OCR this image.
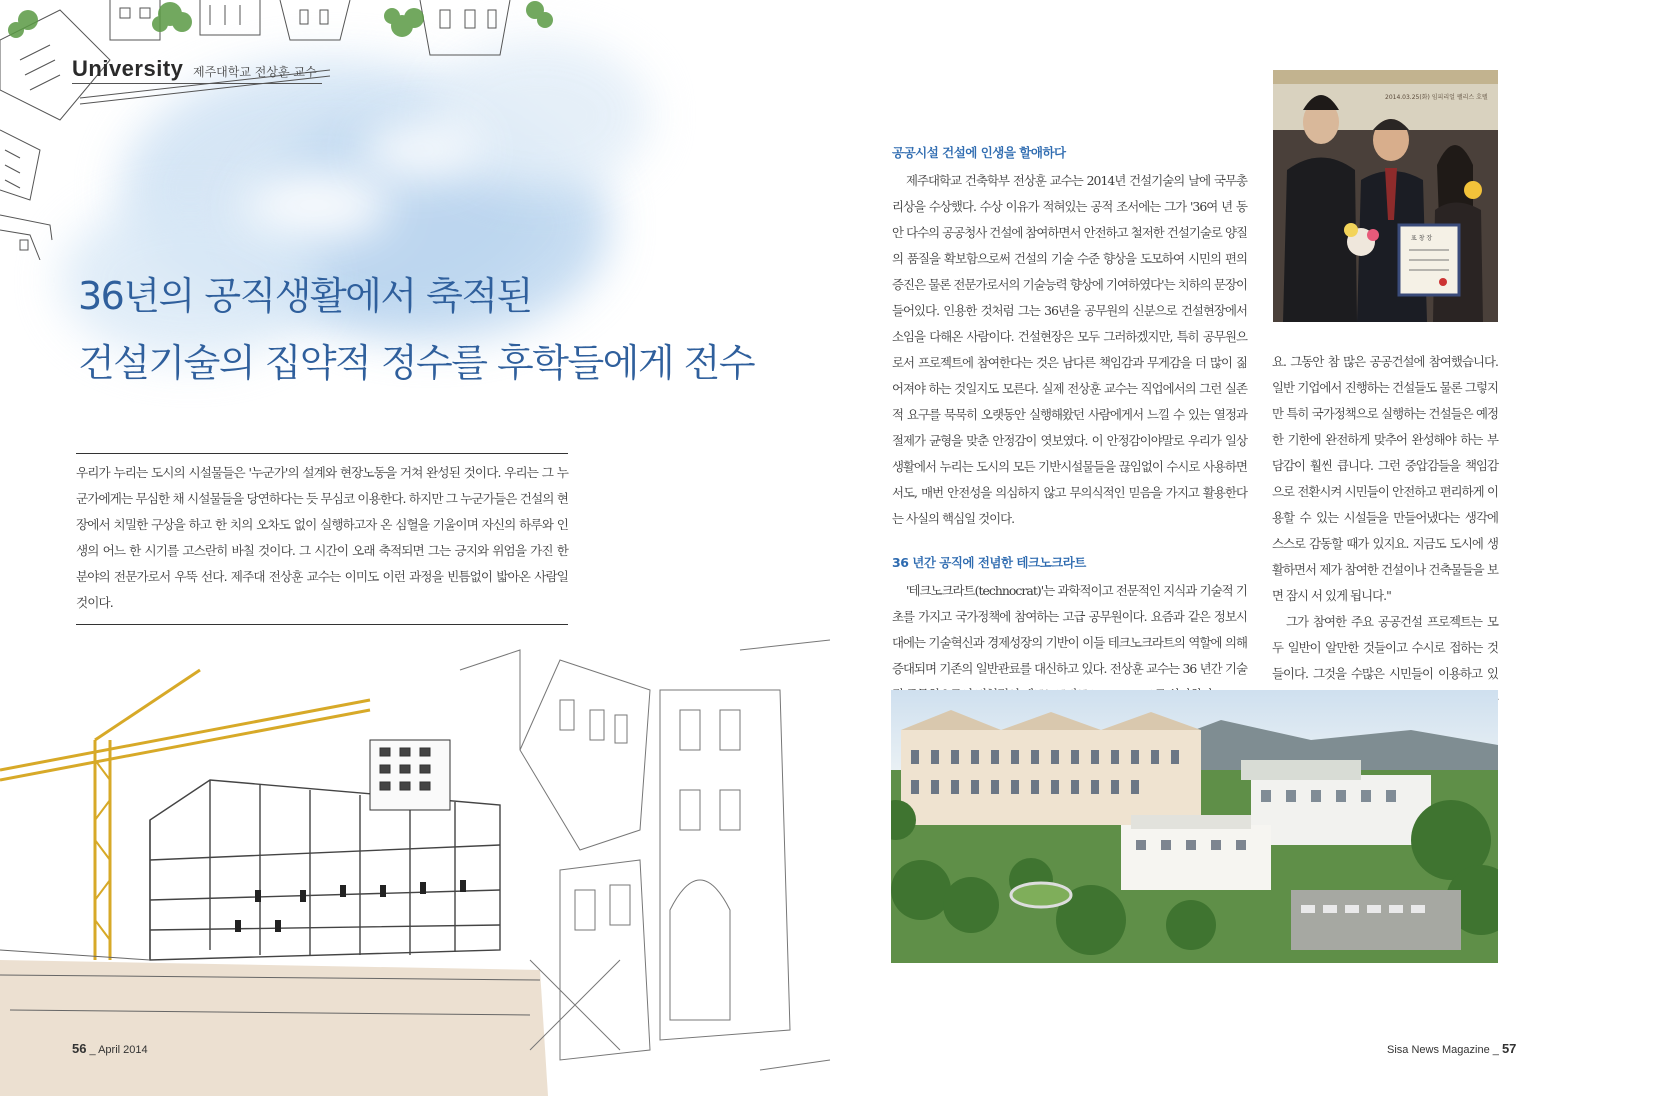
University 제주대학교 전상훈 교수
36년의 공직생활에서 축적된
건설기술의 집약적 정수를 후학들에게 전수

우리가 누리는 도시의 시설물들은 '누군가'의 설계와 현장노동을 거쳐 완성된 것이다. 우리는 그 누군가에게는 무심한 채 시설물들을 당연하다는 듯 무심코 이용한다. 하지만 그 누군가들은 건설의 현장에서 치밀한 구상을 하고 한 치의 오차도 없이 실행하고자 온 심혈을 기울이며 자신의 하루와 인생의 어느 한 시기를 고스란히 바칠 것이다. 그 시간이 오래 축적되면 그는 긍지와 위엄을 가진 한 분야의 전문가로서 우뚝 선다. 제주대 전상훈 교수는 이미도 이런 과정을 빈틈없이 밟아온 사람일 것이다.

56 _ April 2014
2014.03.25(화) 임피리얼 팰리스 호텔
표 창 장

공공시설 건설에 인생을 할애하다

제주대학교 건축학부 전상훈 교수는 2014년 건설기술의 날에 국무총리상을 수상했다. 수상 이유가 적혀있는 공적 조서에는 그가 '36여 년 동안 다수의 공공청사 건설에 참여하면서 안전하고 철저한 건설기술로 양질의 품질을 확보함으로써 건설의 기술 수준 향상을 도모하여 시민의 편의 증진은 물론 전문가로서의 기술능력 향상에 기여하였다'는 치하의 문장이 들어있다. 인용한 것처럼 그는 36년을 공무원의 신분으로 건설현장에서 소임을 다해온 사람이다. 건설현장은 모두 그러하겠지만, 특히 공무원으로서 프로젝트에 참여한다는 것은 남다른 책임감과 무게감을 더 많이 짊어져야 하는 것일지도 모른다. 실제 전상훈 교수는 직업에서의 그런 실존적 요구를 묵묵히 오랫동안 실행해왔던 사람에게서 느낄 수 있는 열정과 절제가 균형을 맞춘 안정감이 엿보였다. 이 안정감이야말로 우리가 일상생활에서 누리는 도시의 모든 기반시설물들을 끊임없이 수시로 사용하면서도, 매번 안전성을 의심하지 않고 무의식적인 믿음을 가지고 활용한다는 사실의 핵심일 것이다.

36 년간 공직에 전념한 테크노크라트

'테크노크라트(technocrat)'는 과학적이고 전문적인 지식과 기술적 기초를 가지고 국가정책에 참여하는 고급 공무원이다. 요즘과 같은 정보시대에는 기술혁신과 경제성장의 기반이 이들 테크노크라트의 역할에 의해 증대되며 기존의 일반관료를 대신하고 있다. 전상훈 교수는 36 년간 기술

요. 그동안 참 많은 공공건설에 참여했습니다. 일반 기업에서 진행하는 건설들도 물론 그렇지만 특히 국가정책으로 실행하는 건설들은 예정한 기한에 완전하게 맞추어 완성해야 하는 부담감이 훨씬 큽니다. 그런 중압감들을 책임감으로 전환시켜 시민들이 안전하고 편리하게 이용할 수 있는 시설들을 만들어냈다는 생각에 스스로 감동할 때가 있지요. 지금도 도시에 생활하면서 제가 참여한 건설이나 건축물들을 보면 잠시 서 있게 됩니다."

그가 참여한 주요 공공건설 프로젝트는 모두 일반이 알만한 것들이고 수시로 접하는 것들이다. 그것을 수많은 시민들이 이용하고 있

Sisa News Magazine _ 57
